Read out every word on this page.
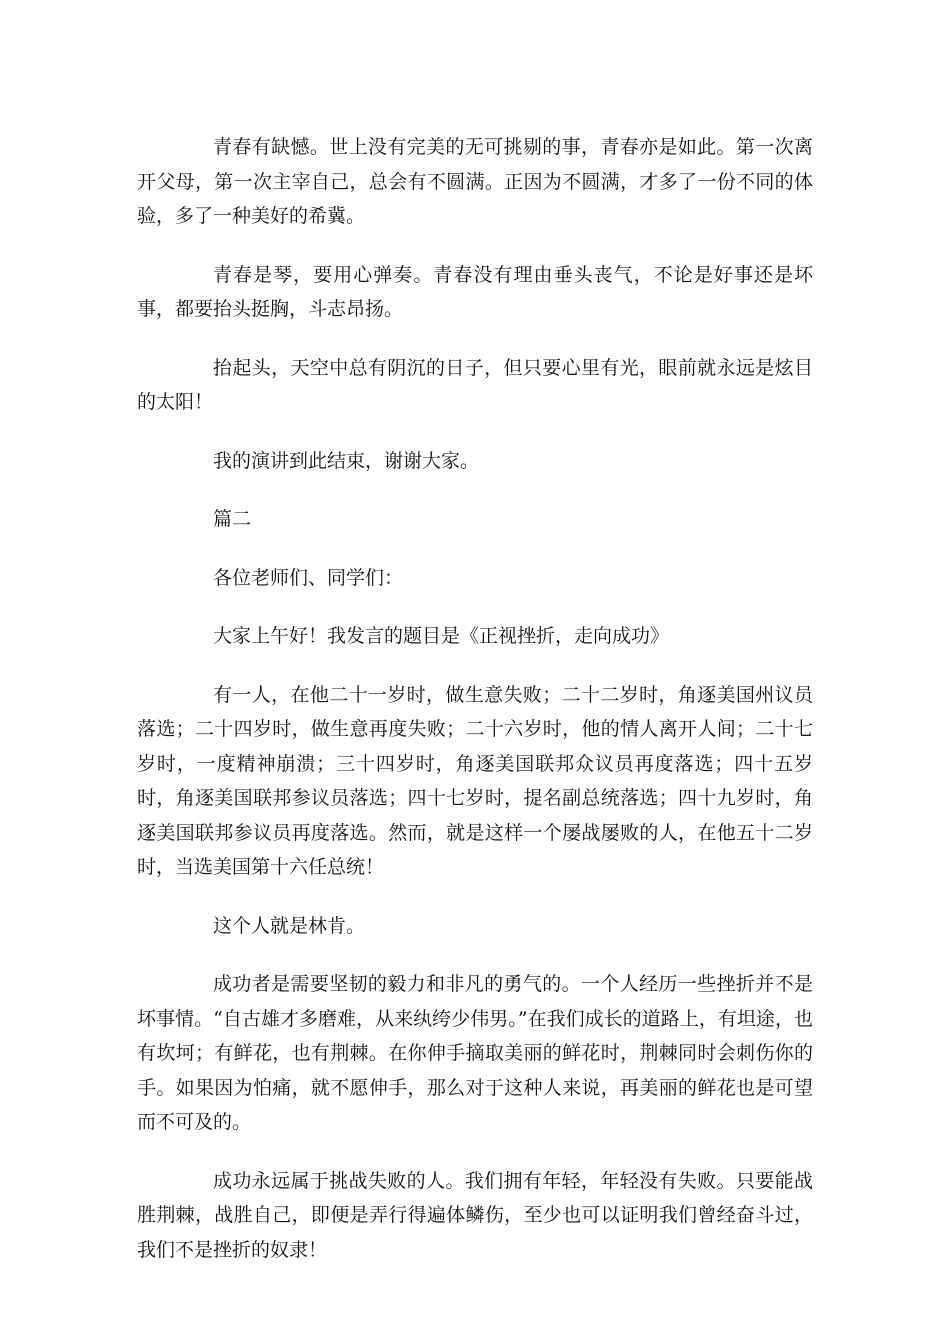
青春有缺憾。世上没有完美的无可挑剔的事，青春亦是如此。第一次离开父母，第一次主宰自己，总会有不圆满。正因为不圆满，才多了一份不同的体验，多了一种美好的希冀。

青春是琴，要用心弹奏。青春没有理由垂头丧气，不论是好事还是坏事，都要抬头挺胸，斗志昂扬。

抬起头，天空中总有阴沉的日子，但只要心里有光，眼前就永远是炫目的太阳！

我的演讲到此结束，谢谢大家。

篇二

各位老师们、同学们：

大家上午好！我发言的题目是《正视挫折，走向成功》

有一人，在他二十一岁时，做生意失败；二十二岁时，角逐美国州议员落选；二十四岁时，做生意再度失败；二十六岁时，他的情人离开人间；二十七岁时，一度精神崩溃；三十四岁时，角逐美国联邦众议员再度落选；四十五岁时，角逐美国联邦参议员落选；四十七岁时，提名副总统落选；四十九岁时，角逐美国联邦参议员再度落选。然而，就是这样一个屡战屡败的人，在他五十二岁时，当选美国第十六任总统！

这个人就是林肯。

成功者是需要坚韧的毅力和非凡的勇气的。一个人经历一些挫折并不是坏事情。“自古雄才多磨难，从来纨绔少伟男。”在我们成长的道路上，有坦途，也有坎坷；有鲜花，也有荆棘。在你伸手摘取美丽的鲜花时，荆棘同时会刺伤你的手。如果因为怕痛，就不愿伸手，那么对于这种人来说，再美丽的鲜花也是可望而不可及的。

成功永远属于挑战失败的人。我们拥有年轻，年轻没有失败。只要能战胜荆棘，战胜自己，即便是弄行得遍体鳞伤，至少也可以证明我们曾经奋斗过，我们不是挫折的奴隶！
